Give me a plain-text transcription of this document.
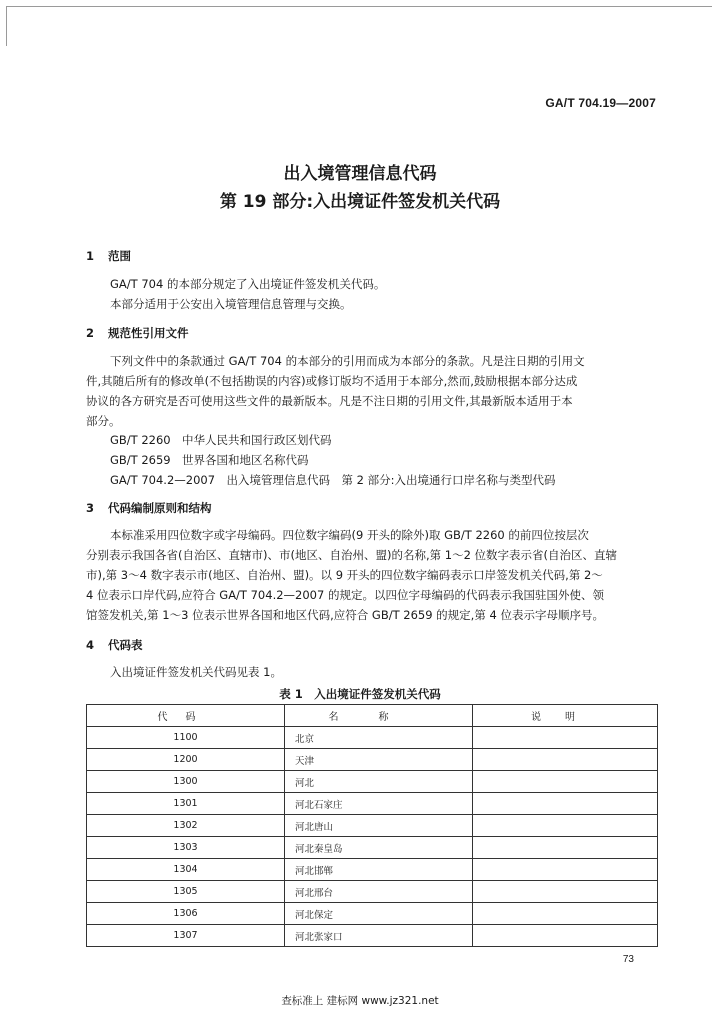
GA/T 704.19—2007
出入境管理信息代码
第 19 部分:入出境证件签发机关代码
1 范围
GA/T 704 的本部分规定了入出境证件签发机关代码。
本部分适用于公安出入境管理信息管理与交换。
2 规范性引用文件
下列文件中的条款通过 GA/T 704 的本部分的引用而成为本部分的条款。凡是注日期的引用文
件,其随后所有的修改单(不包括勘误的内容)或修订版均不适用于本部分,然而,鼓励根据本部分达成
协议的各方研究是否可使用这些文件的最新版本。凡是不注日期的引用文件,其最新版本适用于本
部分。
GB/T 2260 中华人民共和国行政区划代码
GB/T 2659 世界各国和地区名称代码
GA/T 704.2—2007　 出入境管理信息代码　第 2 部分:入出境通行口岸名称与类型代码
3 代码编制原则和结构
本标准采用四位数字或字母编码。四位数字编码(9 开头的除外)取 GB/T 2260 的前四位按层次
分别表示我国各省(自治区、直辖市)、市(地区、自治州、盟)的名称,第 1～2 位数字表示省(自治区、直辖
市),第 3～4 数字表示市(地区、自治州、盟)。以 9 开头的四位数字编码表示口岸签发机关代码,第 2～
4 位表示口岸代码,应符合 GA/T 704.2—2007 的规定。以四位字母编码的代码表示我国驻国外使、领
馆签发机关,第 1～3 位表示世界各国和地区代码,应符合 GB/T 2659 的规定,第 4 位表示字母顺序号。
4 代码表
入出境证件签发机关代码见表 1。
表 1　入出境证件签发机关代码
代码	名称	说明
1100	北京	
1200	天津	
1300	河北	
1301	河北石家庄	
1302	河北唐山	
1303	河北秦皇岛	
1304	河北邯郸	
1305	河北邢台	
1306	河北保定	
1307	河北张家口	
73
查标准上 建标网 www.jz321.net
